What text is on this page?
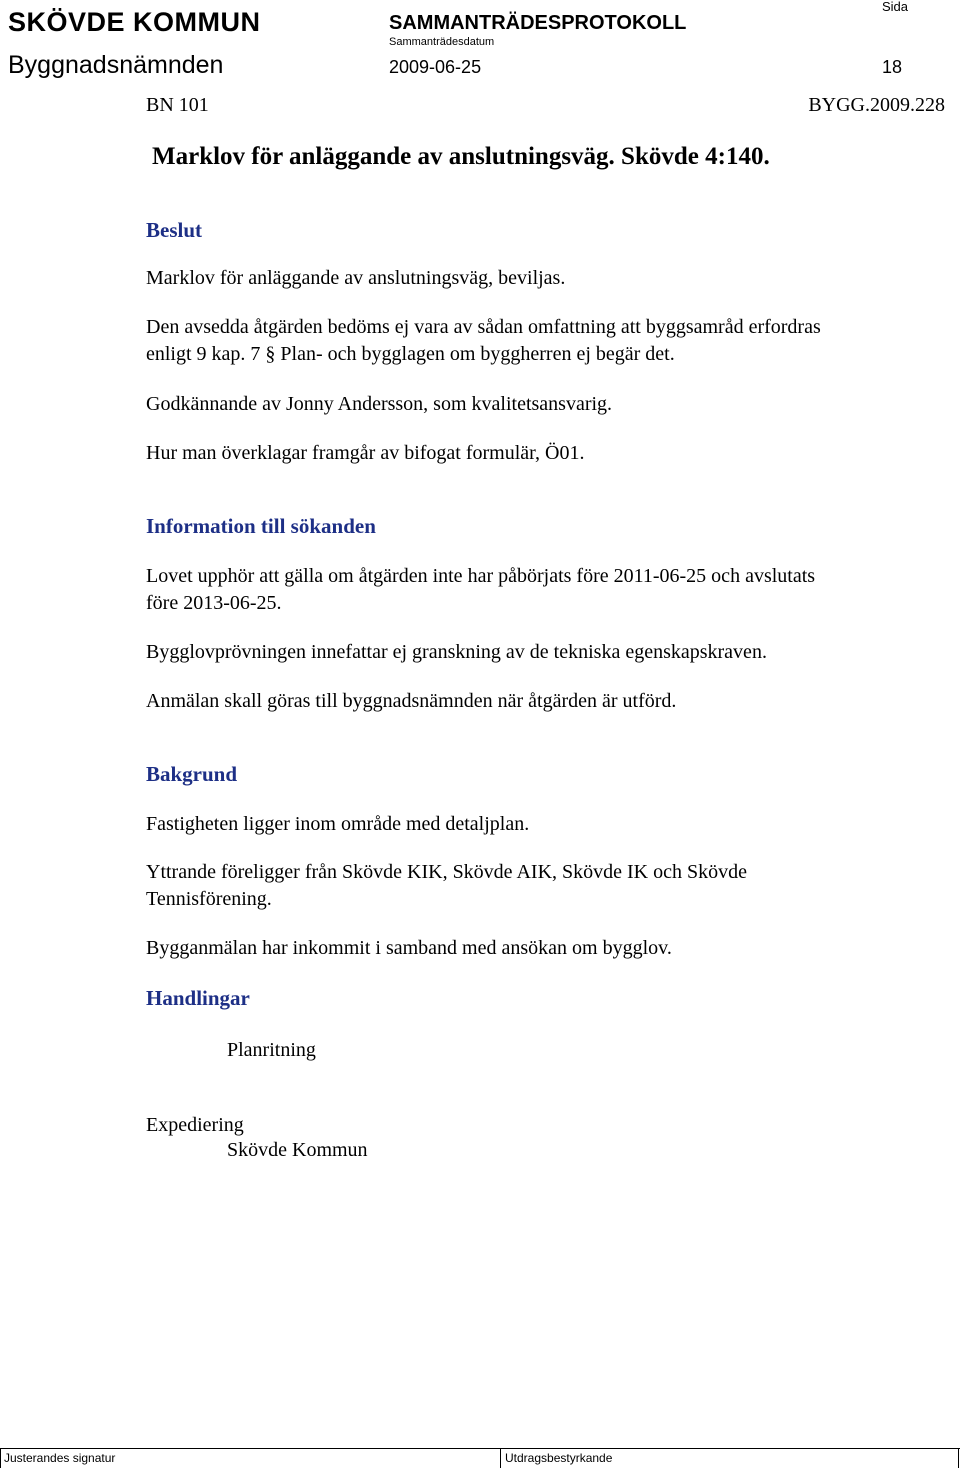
SKÖVDE KOMMUN	SAMMANTRÄDESPROTOKOLL
Sida
Byggnadsnämnden
Sammanträdesdatum
2009-06-25	18
BN 101	BYGG.2009.228
Marklov för anläggande av anslutningsväg. Skövde 4:140.
Beslut
Marklov för anläggande av anslutningsväg, beviljas.
Den avsedda åtgärden bedöms ej vara av sådan omfattning att byggsamråd erfordras
enligt 9 kap. 7 § Plan- och bygglagen om byggherren ej begär det.
Godkännande av Jonny Andersson, som kvalitetsansvarig.
Hur man överklagar framgår av bifogat formulär, Ö01.
Information till sökanden
Lovet upphör att gälla om åtgärden inte har påbörjats före 2011-06-25 och avslutats
före 2013-06-25.
Bygglovprövningen innefattar ej granskning av de tekniska egenskapskraven.
Anmälan skall göras till byggnadsnämnden när åtgärden är utförd.
Bakgrund
Fastigheten ligger inom område med detaljplan.
Yttrande föreligger från Skövde KIK, Skövde AIK, Skövde IK och Skövde
Tennisförening.
Bygganmälan har inkommit i samband med ansökan om bygglov.
Handlingar
Planritning
Expediering
Skövde Kommun
Justerandes signatur	Utdragsbestyrkande
